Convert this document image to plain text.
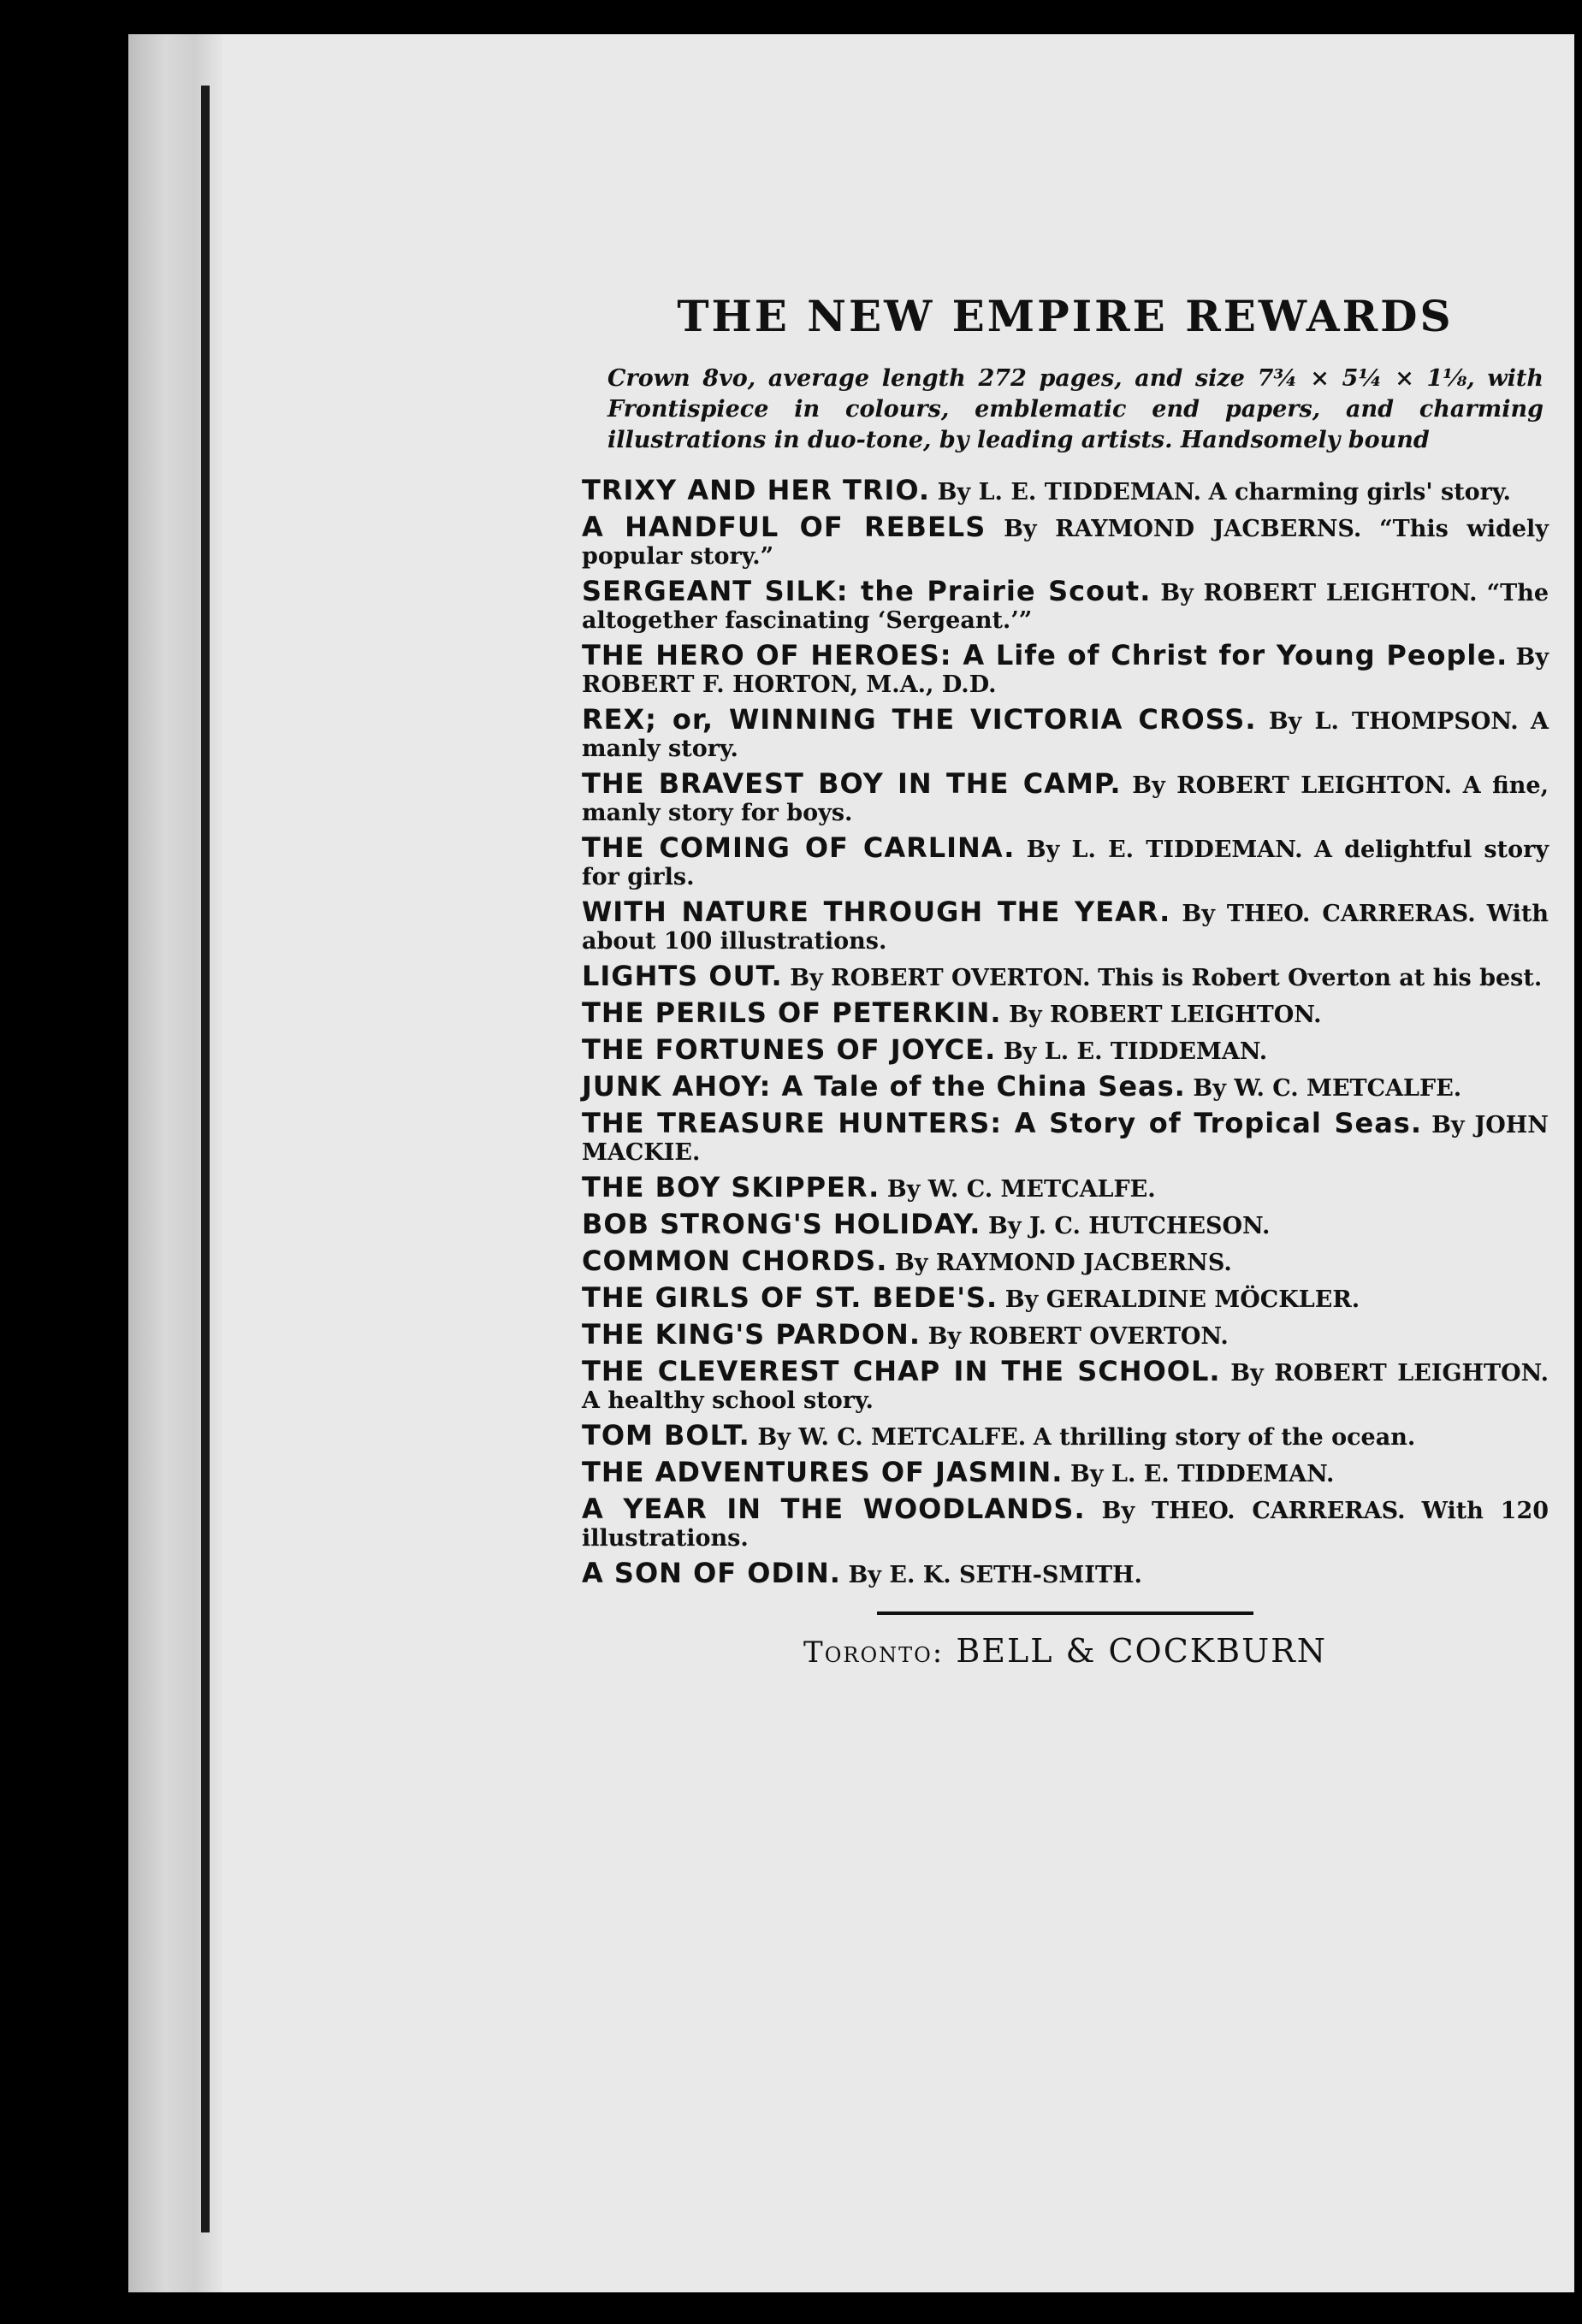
THE NEW EMPIRE REWARDS

Crown 8vo, average length 272 pages, and size 7¾ × 5¼ × 1⅛, with Frontispiece in colours, emblematic end papers, and charming illustrations in duo-tone, by leading artists. Handsomely bound

TRIXY AND HER TRIO. By L. E. TIDDEMAN. A charming girls' story.

A HANDFUL OF REBELS By RAYMOND JACBERNS. “This widely popular story.”

SERGEANT SILK: the Prairie Scout. By ROBERT LEIGHTON. “The altogether fascinating ‘Sergeant.’”

THE HERO OF HEROES: A Life of Christ for Young People. By ROBERT F. HORTON, M.A., D.D.

REX; or, WINNING THE VICTORIA CROSS. By L. THOMPSON. A manly story.

THE BRAVEST BOY IN THE CAMP. By ROBERT LEIGHTON. A fine, manly story for boys.

THE COMING OF CARLINA. By L. E. TIDDEMAN. A delightful story for girls.

WITH NATURE THROUGH THE YEAR. By THEO. CARRERAS. With about 100 illustrations.

LIGHTS OUT. By ROBERT OVERTON. This is Robert Overton at his best.

THE PERILS OF PETERKIN. By ROBERT LEIGHTON.

THE FORTUNES OF JOYCE. By L. E. TIDDEMAN.

JUNK AHOY: A Tale of the China Seas. By W. C. METCALFE.

THE TREASURE HUNTERS: A Story of Tropical Seas. By JOHN MACKIE.

THE BOY SKIPPER. By W. C. METCALFE.

BOB STRONG'S HOLIDAY. By J. C. HUTCHESON.

COMMON CHORDS. By RAYMOND JACBERNS.

THE GIRLS OF ST. BEDE'S. By GERALDINE MÖCKLER.

THE KING'S PARDON. By ROBERT OVERTON.

THE CLEVEREST CHAP IN THE SCHOOL. By ROBERT LEIGHTON. A healthy school story.

TOM BOLT. By W. C. METCALFE. A thrilling story of the ocean.

THE ADVENTURES OF JASMIN. By L. E. TIDDEMAN.

A YEAR IN THE WOODLANDS. By THEO. CARRERAS. With 120 illustrations.

A SON OF ODIN. By E. K. SETH-SMITH.

Toronto: BELL & COCKBURN
